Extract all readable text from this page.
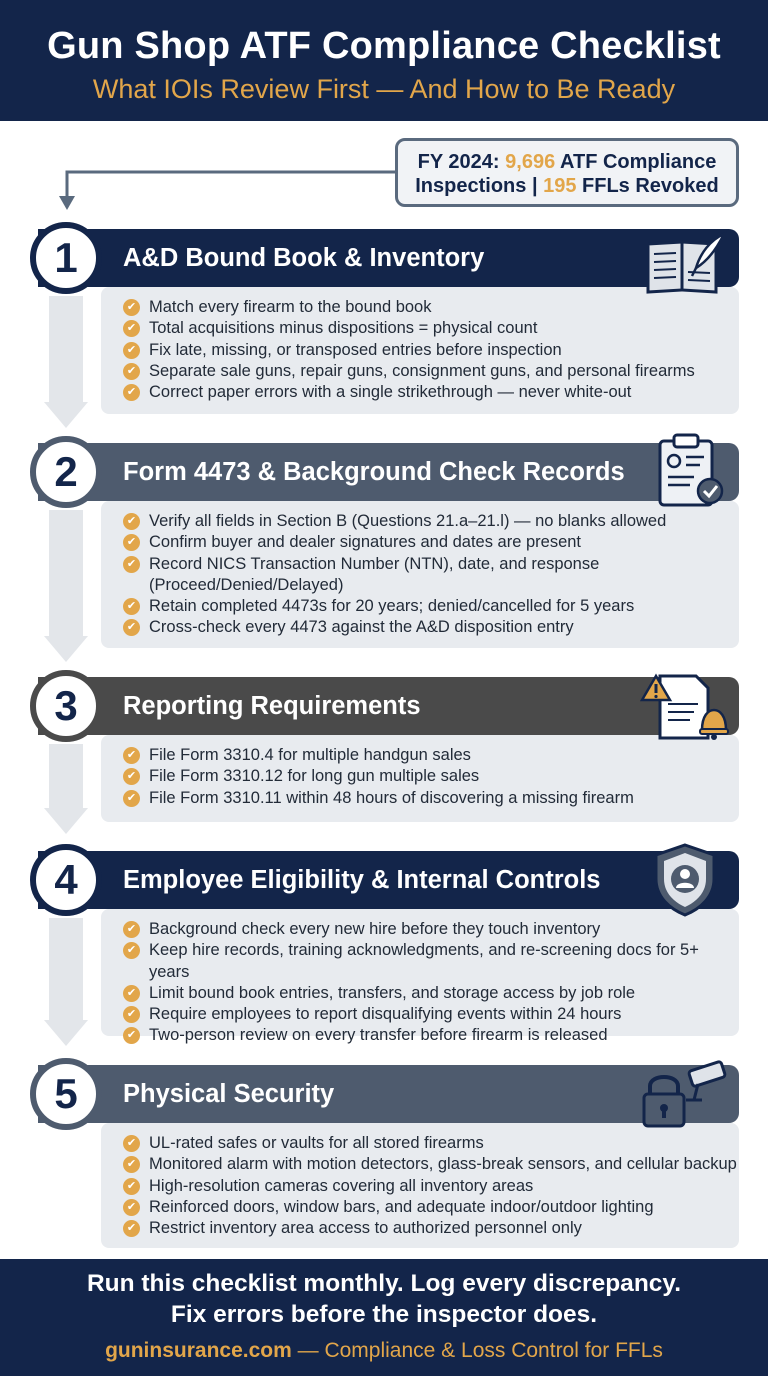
Gun Shop ATF Compliance Checklist
What IOIs Review First — And How to Be Ready
FY 2024: 9,696 ATF Compliance
Inspections | 195 FFLs Revoked
A&D Bound Book & Inventory
1
✔ Match every firearm to the bound book
✔ Total acquisitions minus dispositions = physical count
✔ Fix late, missing, or transposed entries before inspection
✔ Separate sale guns, repair guns, consignment guns, and personal firearms
✔ Correct paper errors with a single strikethrough — never white-out
Form 4473 & Background Check Records
2
✔ Verify all fields in Section B (Questions 21.a–21.l) — no blanks allowed
✔ Confirm buyer and dealer signatures and dates are present
✔ Record NICS Transaction Number (NTN), date, and response (Proceed/Denied/Delayed)
✔ Retain completed 4473s for 20 years; denied/cancelled for 5 years
✔ Cross-check every 4473 against the A&D disposition entry
Reporting Requirements
3
✔ File Form 3310.4 for multiple handgun sales
✔ File Form 3310.12 for long gun multiple sales
✔ File Form 3310.11 within 48 hours of discovering a missing firearm
Employee Eligibility & Internal Controls
4
✔ Background check every new hire before they touch inventory
✔ Keep hire records, training acknowledgments, and re-screening docs for 5+ years
✔ Limit bound book entries, transfers, and storage access by job role
✔ Require employees to report disqualifying events within 24 hours
✔ Two-person review on every transfer before firearm is released
Physical Security
5
✔ UL-rated safes or vaults for all stored firearms
✔ Monitored alarm with motion detectors, glass-break sensors, and cellular backup
✔ High-resolution cameras covering all inventory areas
✔ Reinforced doors, window bars, and adequate indoor/outdoor lighting
✔ Restrict inventory area access to authorized personnel only
Run this checklist monthly. Log every discrepancy.
Fix errors before the inspector does.
guninsurance.com — Compliance & Loss Control for FFLs
